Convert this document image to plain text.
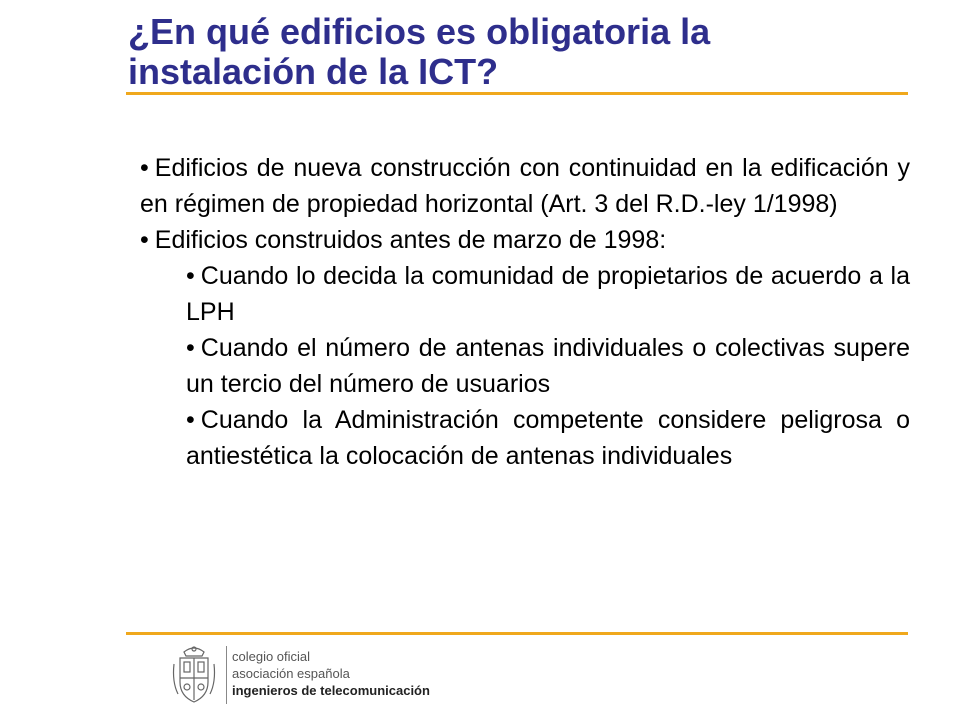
¿En qué edificios es obligatoria la
instalación de la ICT?

• Edificios de nueva construcción con continuidad en la edificación y en régimen de propiedad horizontal (Art. 3 del R.D.-ley 1/1998)

• Edificios construidos antes de marzo de 1998:

• Cuando lo decida la comunidad de propietarios de acuerdo a la LPH

• Cuando el número de antenas individuales o colectivas supere un tercio del número de usuarios

• Cuando la Administración competente considere peligrosa o antiestética la colocación de antenas individuales

colegio oficial
asociación española
ingenieros de telecomunicación
